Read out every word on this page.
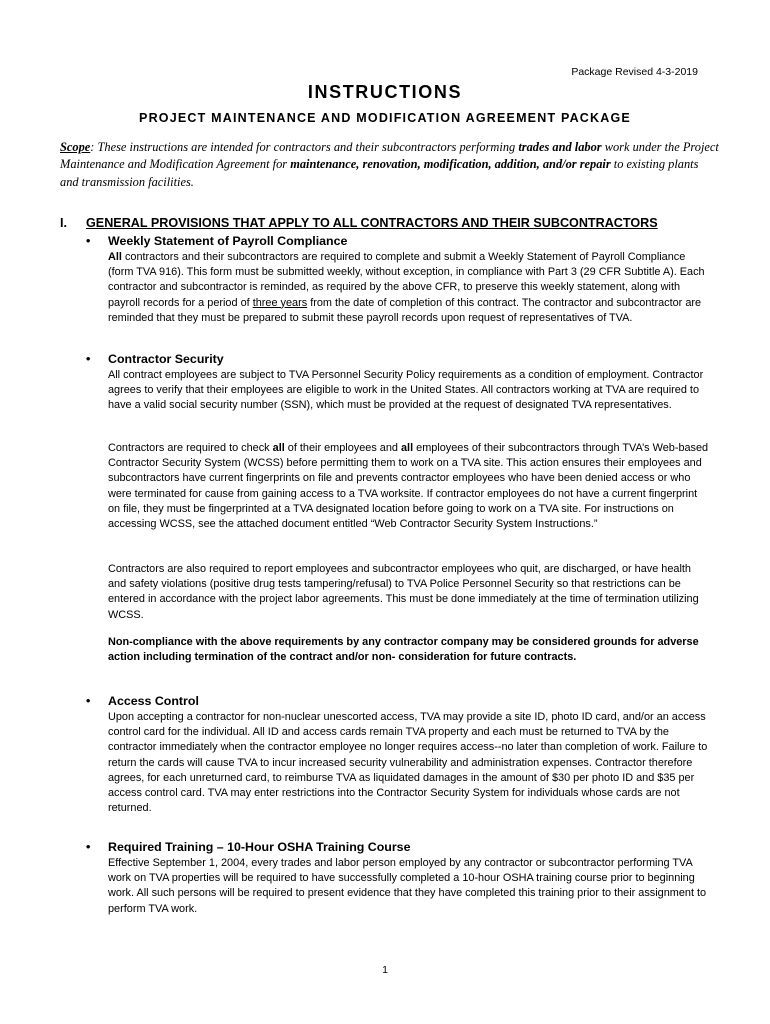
Package Revised 4-3-2019
INSTRUCTIONS
PROJECT MAINTENANCE AND MODIFICATION AGREEMENT PACKAGE
Scope: These instructions are intended for contractors and their subcontractors performing trades and labor work under the Project Maintenance and Modification Agreement for maintenance, renovation, modification, addition, and/or repair to existing plants and transmission facilities.
I. GENERAL PROVISIONS THAT APPLY TO ALL CONTRACTORS AND THEIR SUBCONTRACTORS
• Weekly Statement of Payroll Compliance
All contractors and their subcontractors are required to complete and submit a Weekly Statement of Payroll Compliance (form TVA 916). This form must be submitted weekly, without exception, in compliance with Part 3 (29 CFR Subtitle A). Each contractor and subcontractor is reminded, as required by the above CFR, to preserve this weekly statement, along with payroll records for a period of three years from the date of completion of this contract. The contractor and subcontractor are reminded that they must be prepared to submit these payroll records upon request of representatives of TVA.
• Contractor Security
All contract employees are subject to TVA Personnel Security Policy requirements as a condition of employment. Contractor agrees to verify that their employees are eligible to work in the United States. All contractors working at TVA are required to have a valid social security number (SSN), which must be provided at the request of designated TVA representatives.
Contractors are required to check all of their employees and all employees of their subcontractors through TVA’s Web-based Contractor Security System (WCSS) before permitting them to work on a TVA site. This action ensures their employees and subcontractors have current fingerprints on file and prevents contractor employees who have been denied access or who were terminated for cause from gaining access to a TVA worksite. If contractor employees do not have a current fingerprint on file, they must be fingerprinted at a TVA designated location before going to work on a TVA site. For instructions on accessing WCSS, see the attached document entitled “Web Contractor Security System Instructions.”
Contractors are also required to report employees and subcontractor employees who quit, are discharged, or have health and safety violations (positive drug tests tampering/refusal) to TVA Police Personnel Security so that restrictions can be entered in accordance with the project labor agreements. This must be done immediately at the time of termination utilizing WCSS.
Non-compliance with the above requirements by any contractor company may be considered grounds for adverse action including termination of the contract and/or non- consideration for future contracts.
• Access Control
Upon accepting a contractor for non-nuclear unescorted access, TVA may provide a site ID, photo ID card, and/or an access control card for the individual. All ID and access cards remain TVA property and each must be returned to TVA by the contractor immediately when the contractor employee no longer requires access--no later than completion of work. Failure to return the cards will cause TVA to incur increased security vulnerability and administration expenses. Contractor therefore agrees, for each unreturned card, to reimburse TVA as liquidated damages in the amount of $30 per photo ID and $35 per access control card. TVA may enter restrictions into the Contractor Security System for individuals whose cards are not returned.
• Required Training – 10-Hour OSHA Training Course
Effective September 1, 2004, every trades and labor person employed by any contractor or subcontractor performing TVA work on TVA properties will be required to have successfully completed a 10-hour OSHA training course prior to beginning work. All such persons will be required to present evidence that they have completed this training prior to their assignment to perform TVA work.
1
